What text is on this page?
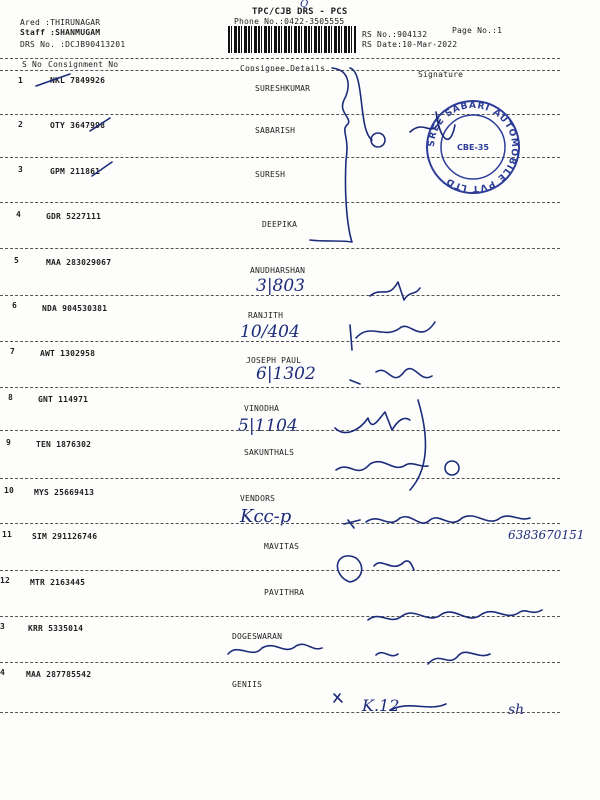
Ared :THIRUNAGAR
Staff :SHANMUGAM
DRS No. :DCJB90413201
TPC/CJB DRS - PCS
Q
Phone No.:0422-3505555
Page No.:1
RS No.:904132
RS Date:10-Mar-2022
S No Consignment No	Consignee Details
Signature
1	NKL 7849926
SURESHKUMAR
2	OTY 3647998
SABARISH
3	GPM 211861	SURESH
4	GDR 5227111
DEEPIKA
5	MAA 283029067
ANUDHARSHAN
3|803
6	NDA 904530381
RANJITH
10/404
7	AWT 1302958
JOSEPH PAUL
6|1302
8	GNT 114971
VINODHA
5|1104
9	TEN 1876302
SAKUNTHALS
10 MYS 25669413
VENDORS
Kcc-p
6383670151
11 SIM 291126746
MAVITAS
12 MTR 2163445
PAVITHRA
3	KRR 5335014
DOGESWARAN
4	MAA 287785542
GENIIS
K.12	sh
SREE SABARI AUTOMOBILE PVT LTD
CBE-35
